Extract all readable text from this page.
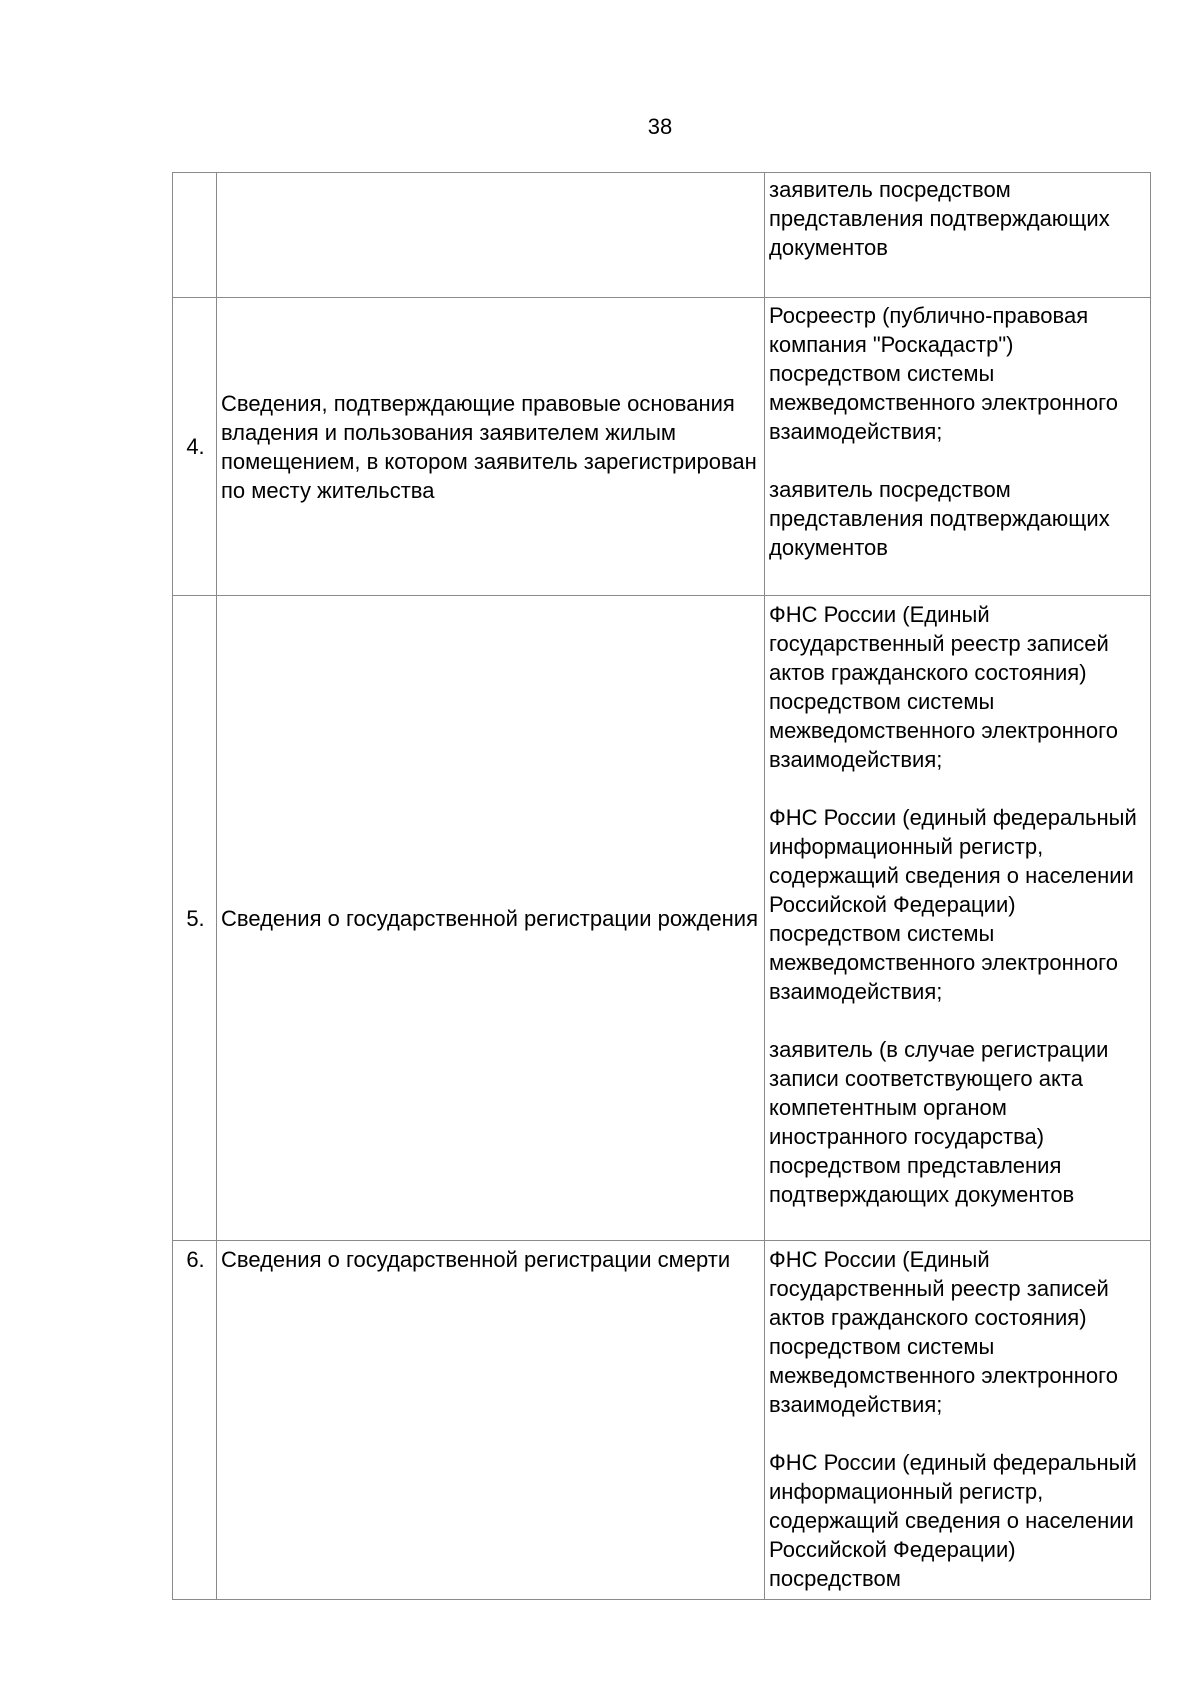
38

		заявитель посредством представления подтверждающих документов

4.	Сведения, подтверждающие правовые основания владения и пользования заявителем жилым помещением, в котором заявитель зарегистрирован по месту жительства	Росреестр (публично-правовая компания "Роскадастр") посредством системы межведомственного электронного взаимодействия;

заявитель посредством представления подтверждающих документов

5.	Сведения о государственной регистрации рождения	ФНС России (Единый государственный реестр записей актов гражданского состояния) посредством системы межведомственного электронного взаимодействия;

ФНС России (единый федеральный информационный регистр, содержащий сведения о населении Российской Федерации) посредством системы межведомственного электронного взаимодействия;

заявитель (в случае регистрации записи соответствующего акта компетентным органом иностранного государства) посредством представления подтверждающих документов

6.	Сведения о государственной регистрации смерти	ФНС России (Единый государственный реестр записей актов гражданского состояния) посредством системы межведомственного электронного взаимодействия;

ФНС России (единый федеральный информационный регистр, содержащий сведения о населении Российской Федерации) посредством
